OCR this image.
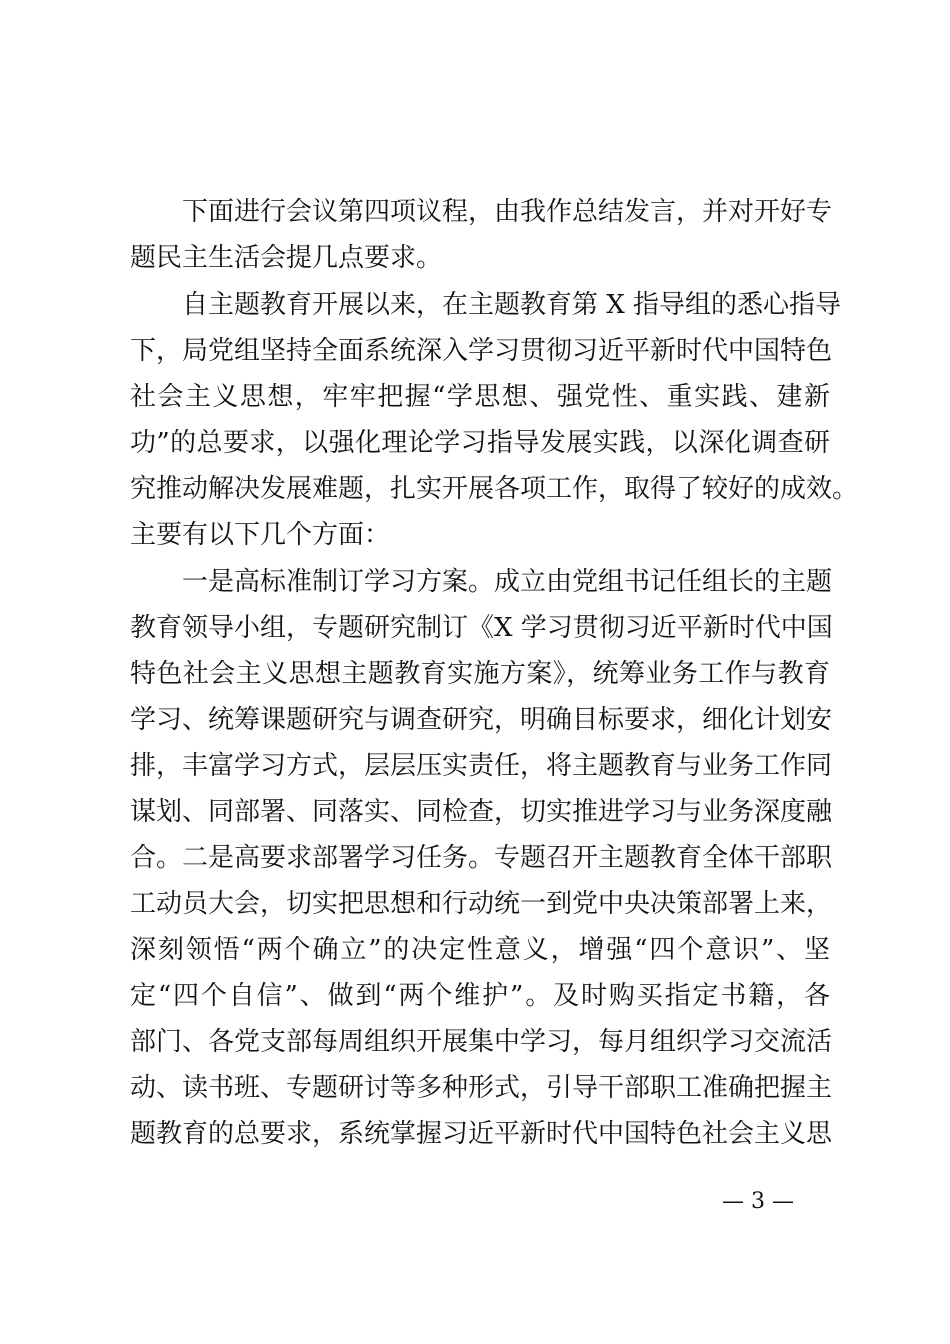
下面进行会议第四项议程，由我作总结发言，并对开好专
题民主生活会提几点要求。
自主题教育开展以来，在主题教育第 X 指导组的悉心指导
下，局党组坚持全面系统深入学习贯彻习近平新时代中国特色
社会主义思想，牢牢把握“学思想、强党性、重实践、建新
功”的总要求，以强化理论学习指导发展实践，以深化调查研
究推动解决发展难题，扎实开展各项工作，取得了较好的成效。
主要有以下几个方面：
一是高标准制订学习方案。成立由党组书记任组长的主题
教育领导小组，专题研究制订《X 学习贯彻习近平新时代中国
特色社会主义思想主题教育实施方案》，统筹业务工作与教育
学习、统筹课题研究与调查研究，明确目标要求，细化计划安
排，丰富学习方式，层层压实责任，将主题教育与业务工作同
谋划、同部署、同落实、同检查，切实推进学习与业务深度融
合。二是高要求部署学习任务。专题召开主题教育全体干部职
工动员大会，切实把思想和行动统一到党中央决策部署上来，
深刻领悟“两个确立”的决定性意义，增强“四个意识”、坚
定“四个自信”、做到“两个维护”。及时购买指定书籍，各
部门、各党支部每周组织开展集中学习，每月组织学习交流活
动、读书班、专题研讨等多种形式，引导干部职工准确把握主
题教育的总要求，系统掌握习近平新时代中国特色社会主义思
— 3 —
